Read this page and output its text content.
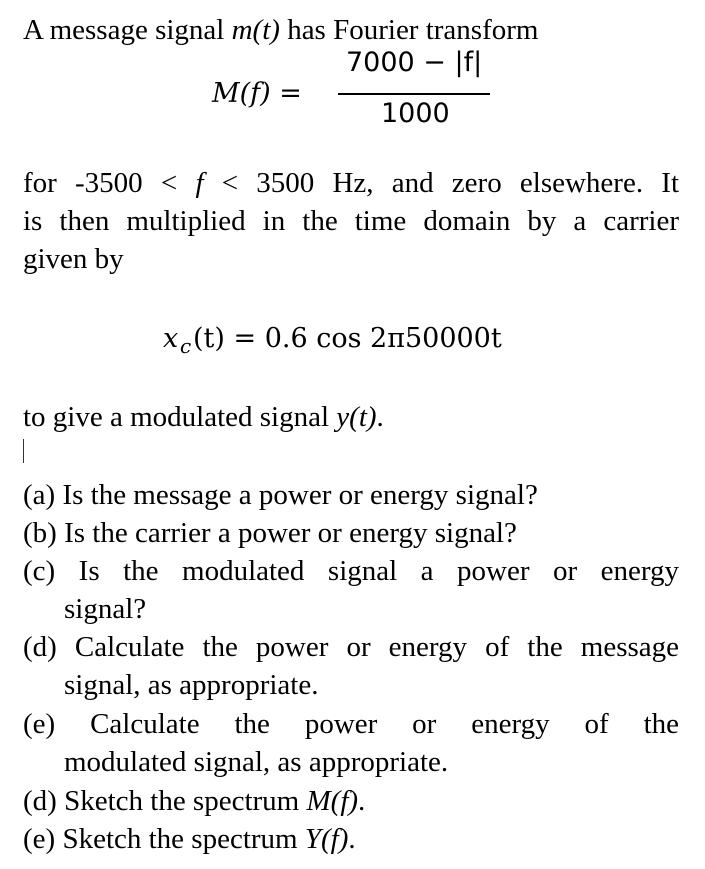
A message signal m(t) has Fourier transform
M(f) =
7000 − |f|
1000
for -3500 < f < 3500 Hz, and zero elsewhere. It
is then multiplied in the time domain by a carrier
given by
x c (t) = 0.6 cos 2π50000t
to give a modulated signal y(t).
(a) Is the message a power or energy signal?
(b) Is the carrier a power or energy signal?
(c) Is the modulated signal a power or energy
signal?
(d) Calculate the power or energy of the message
signal, as appropriate.
(e) Calculate the power or energy of the
modulated signal, as appropriate.
(d) Sketch the spectrum M(f).
(e) Sketch the spectrum Y(f).
